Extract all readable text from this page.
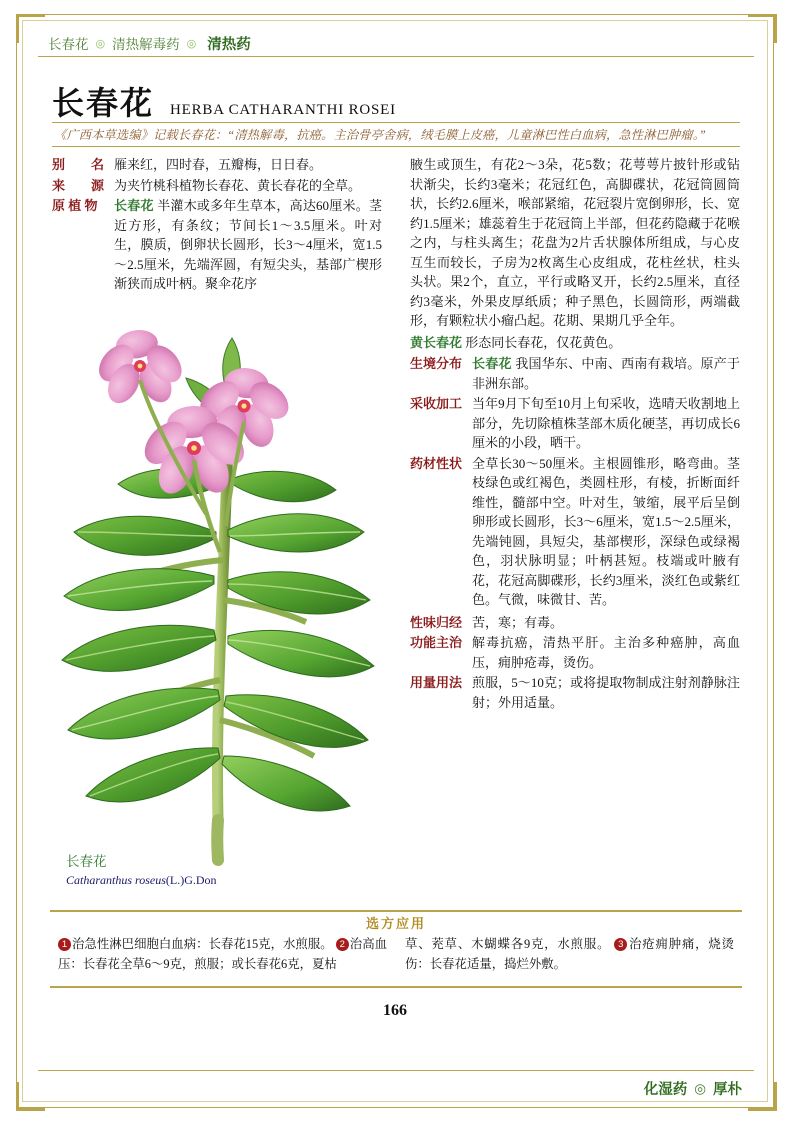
长春花 ◎ 清热解毒药 ◎ 清热药
长春花 HERBA CATHARANTHI ROSEI
《广西本草选编》记载长春花：“清热解毒，抗癌。主治骨亭舍病，绒毛膜上皮癌，儿童淋巴性白血病，急性淋巴肿瘤。”
别　　名 雁来红，四时春，五瓣梅，日日春。
来　　源 为夹竹桃科植物长春花、黄长春花的全草。
原 植 物	长春花 半灌木或多年生草本，高达60厘米。茎近方形，有条纹；节间长1～3.5厘米。叶对生，膜质，倒卵状长圆形，长3～4厘米，宽1.5～2.5厘米，先端浑圆，有短尖头，基部广楔形渐狭而成叶柄。聚伞花序
长春花
Catharanthus roseus(L.)G.Don
腋生或顶生，有花2～3朵，花5数；花萼萼片披针形或钻状渐尖，长约3毫米；花冠红色，高脚碟状，花冠筒圆筒状，长约2.6厘米，喉部紧缩，花冠裂片宽倒卵形，长、宽约1.5厘米；雄蕊着生于花冠筒上半部，但花药隐藏于花喉之内，与柱头离生；花盘为2片舌状腺体所组成，与心皮互生而较长，子房为2枚离生心皮组成，花柱丝状，柱头头状。果2个，直立，平行或略叉开，长约2.5厘米，直径约3毫米，外果皮厚纸质；种子黑色，长圆筒形，两端截形，有颗粒状小瘤凸起。花期、果期几乎全年。
黄长春花 形态同长春花，仅花黄色。
生境分布 长春花 我国华东、中南、西南有栽培。原产于非洲东部。
采收加工 当年9月下旬至10月上旬采收，选晴天收割地上部分，先切除植株茎部木质化硬茎，再切成长6厘米的小段，晒干。
药材性状 全草长30～50厘米。主根圆锥形，略弯曲。茎枝绿色或红褐色，类圆柱形，有棱，折断面纤维性，髓部中空。叶对生，皱缩，展平后呈倒卵形或长圆形，长3～6厘米，宽1.5～2.5厘米，先端钝圆，具短尖，基部楔形，深绿色或绿褐色，羽状脉明显；叶柄甚短。枝端或叶腋有花，花冠高脚碟形，长约3厘米，淡红色或紫红色。气微，味微甘、苦。
性味归经 苦，寒；有毒。
功能主治 解毒抗癌，清热平肝。主治多种癌肿，高血压，痈肿疮毒，烫伤。
用量用法 煎服，5～10克；或将提取物制成注射剂静脉注射；外用适量。
选方应用
1 治急性淋巴细胞白血病：长春花15克，水煎服。 2 治高血压：长春花全草6～9克，煎服；或长春花6克，夏枯
草、茺草、木蝴蝶各9克，水煎服。 3 治疮痈肿痛，烧烫伤：长春花适量，捣烂外敷。
166
化湿药 ◎ 厚朴
